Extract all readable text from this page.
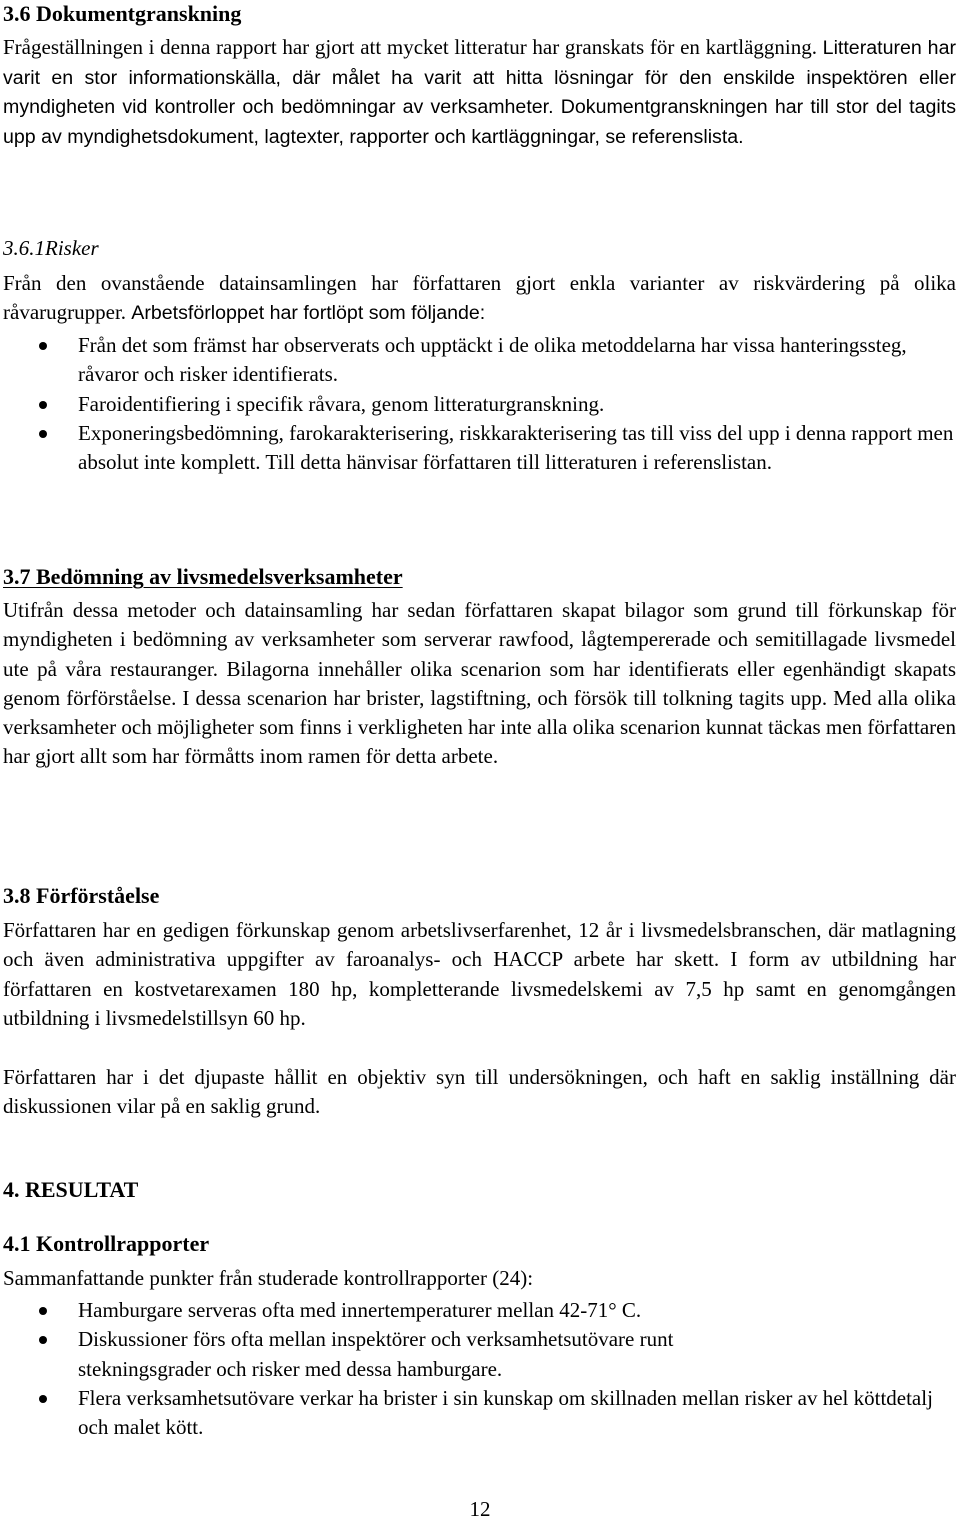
3.6 Dokumentgranskning

Frågeställningen i denna rapport har gjort att mycket litteratur har granskats för en kartläggning. Litteraturen har varit en stor informationskälla, där målet ha varit att hitta lösningar för den enskilde inspektören eller myndigheten vid kontroller och bedömningar av verksamheter. Dokumentgranskningen har till stor del tagits upp av myndighetsdokument, lagtexter, rapporter och kartläggningar, se referenslista.

3.6.1Risker

Från den ovanstående datainsamlingen har författaren gjort enkla varianter av riskvärdering på olika råvarugrupper. Arbetsförloppet har fortlöpt som följande:

Från det som främst har observerats och upptäckt i de olika metoddelarna har vissa hanteringssteg, råvaror och risker identifierats.
Faroidentifiering i specifik råvara, genom litteraturgranskning.
Exponeringsbedömning, farokarakterisering, riskkarakterisering tas till viss del upp i denna rapport men absolut inte komplett. Till detta hänvisar författaren till litteraturen i referenslistan.
3.7 Bedömning av livsmedelsverksamheter

Utifrån dessa metoder och datainsamling har sedan författaren skapat bilagor som grund till förkunskap för myndigheten i bedömning av verksamheter som serverar rawfood, lågtempererade och semitillagade livsmedel ute på våra restauranger. Bilagorna innehåller olika scenarion som har identifierats eller egenhändigt skapats genom förförståelse. I dessa scenarion har brister, lagstiftning, och försök till tolkning tagits upp. Med alla olika verksamheter och möjligheter som finns i verkligheten har inte alla olika scenarion kunnat täckas men författaren har gjort allt som har förmåtts inom ramen för detta arbete.

3.8 Förförståelse

Författaren har en gedigen förkunskap genom arbetslivserfarenhet, 12 år i livsmedelsbranschen, där matlagning och även administrativa uppgifter av faroanalys- och HACCP arbete har skett. I form av utbildning har författaren en kostvetarexamen 180 hp, kompletterande livsmedelskemi av 7,5 hp samt en genomgången utbildning i livsmedelstillsyn 60 hp.

Författaren har i det djupaste hållit en objektiv syn till undersökningen, och haft en saklig inställning där diskussionen vilar på en saklig grund.

4. RESULTAT
4.1 Kontrollrapporter

Sammanfattande punkter från studerade kontrollrapporter (24):

Hamburgare serveras ofta med innertemperaturer mellan 42-71° C.
Diskussioner förs ofta mellan inspektörer och verksamhetsutövare runt stekningsgrader och risker med dessa hamburgare.
Flera verksamhetsutövare verkar ha brister i sin kunskap om skillnaden mellan risker av hel köttdetalj och malet kött.
12
